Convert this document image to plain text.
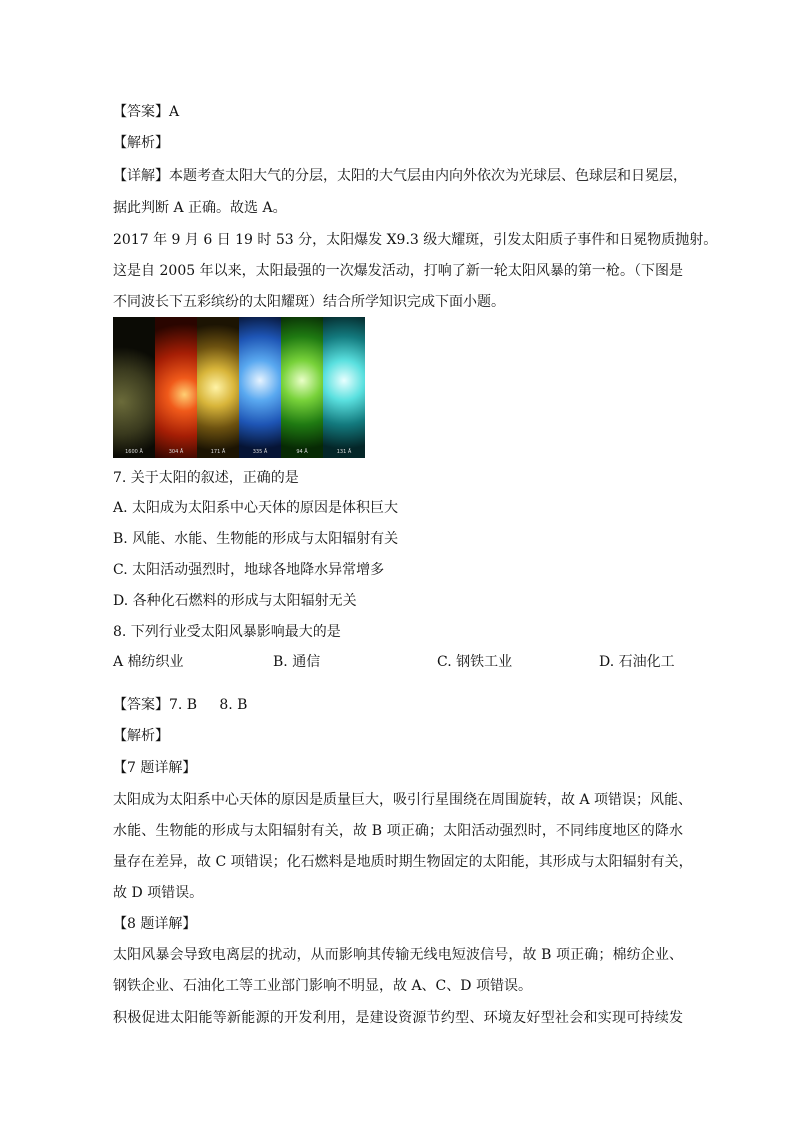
【答案】A
【解析】
【详解】本题考查太阳大气的分层，太阳的大气层由内向外依次为光球层、色球层和日冕层，
据此判断 A 正确。故选 A。
2017 年 9 月 6 日 19 时 53 分，太阳爆发 X9.3 级大耀斑，引发太阳质子事件和日冕物质抛射。
这是自 2005 年以来，太阳最强的一次爆发活动，打响了新一轮太阳风暴的第一枪。（下图是
不同波长下五彩缤纷的太阳耀斑）结合所学知识完成下面小题。
1600 Å	304 Å	171 Å	335 Å	94 Å	131 Å
7. 关于太阳的叙述，正确的是
A. 太阳成为太阳系中心天体的原因是体积巨大
B. 风能、水能、生物能的形成与太阳辐射有关
C. 太阳活动强烈时，地球各地降水异常增多
D. 各种化石燃料的形成与太阳辐射无关
8. 下列行业受太阳风暴影响最大的是
A 棉纺织业	B. 通信	C. 钢铁工业	D. 石油化工
【答案】7. B     8. B
【解析】
【7 题详解】
太阳成为太阳系中心天体的原因是质量巨大，吸引行星围绕在周围旋转，故 A 项错误；风能、
水能、生物能的形成与太阳辐射有关，故 B 项正确；太阳活动强烈时，不同纬度地区的降水
量存在差异，故 C 项错误；化石燃料是地质时期生物固定的太阳能，其形成与太阳辐射有关，
故 D 项错误。
【8 题详解】
太阳风暴会导致电离层的扰动，从而影响其传输无线电短波信号，故 B 项正确；棉纺企业、
钢铁企业、石油化工等工业部门影响不明显，故 A、C、D 项错误。
积极促进太阳能等新能源的开发利用，是建设资源节约型、环境友好型社会和实现可持续发
